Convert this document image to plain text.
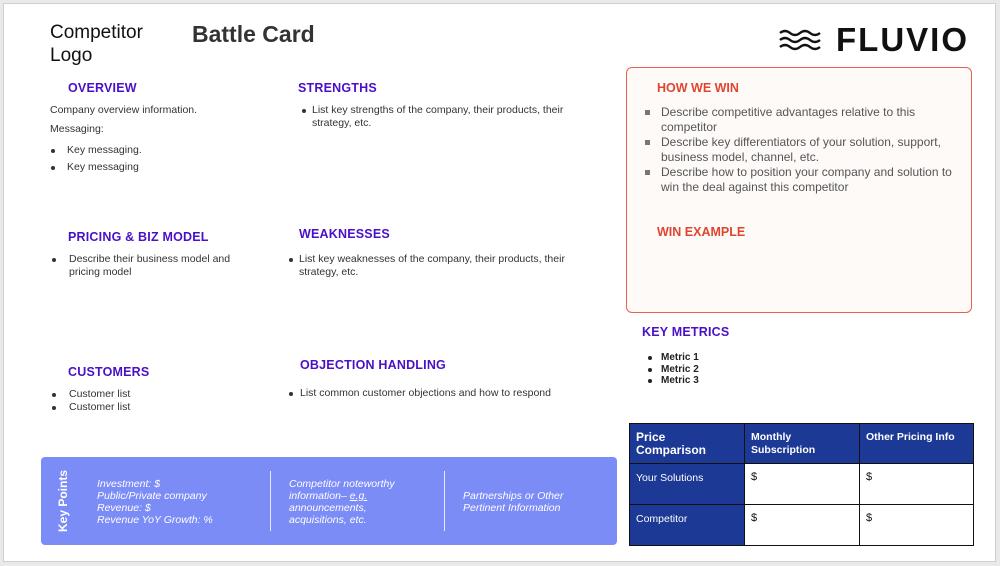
Competitor Logo
Battle Card	FLUVIO
OVERVIEW
Company overview information.
Messaging:
Key messaging.
Key messaging
STRENGTHS
List key strengths of the company, their products, their strategy, etc.
PRICING & BIZ MODEL
Describe their business model and pricing model
WEAKNESSES
List key weaknesses of the company, their products, their strategy, etc.
CUSTOMERS
Customer list
Customer list
OBJECTION HANDLING
List common customer objections and how to respond
HOW WE WIN
Describe competitive advantages relative to this competitor
Describe key differentiators of your solution, support, business model, channel, etc.
Describe how to position your company and solution to win the deal against this competitor
WIN EXAMPLE
KEY METRICS
Metric 1
Metric 2
Metric 3
Key Points	Investment: $
Public/Private company
Revenue: $
Revenue YoY Growth: %
Competitor noteworthy
information– e.g.
announcements,
acquisitions, etc.
Partnerships or Other
Pertinent Information
Price Comparison	Monthly Subscription	Other Pricing Info
Your Solutions	$	$
Competitor	$	$
